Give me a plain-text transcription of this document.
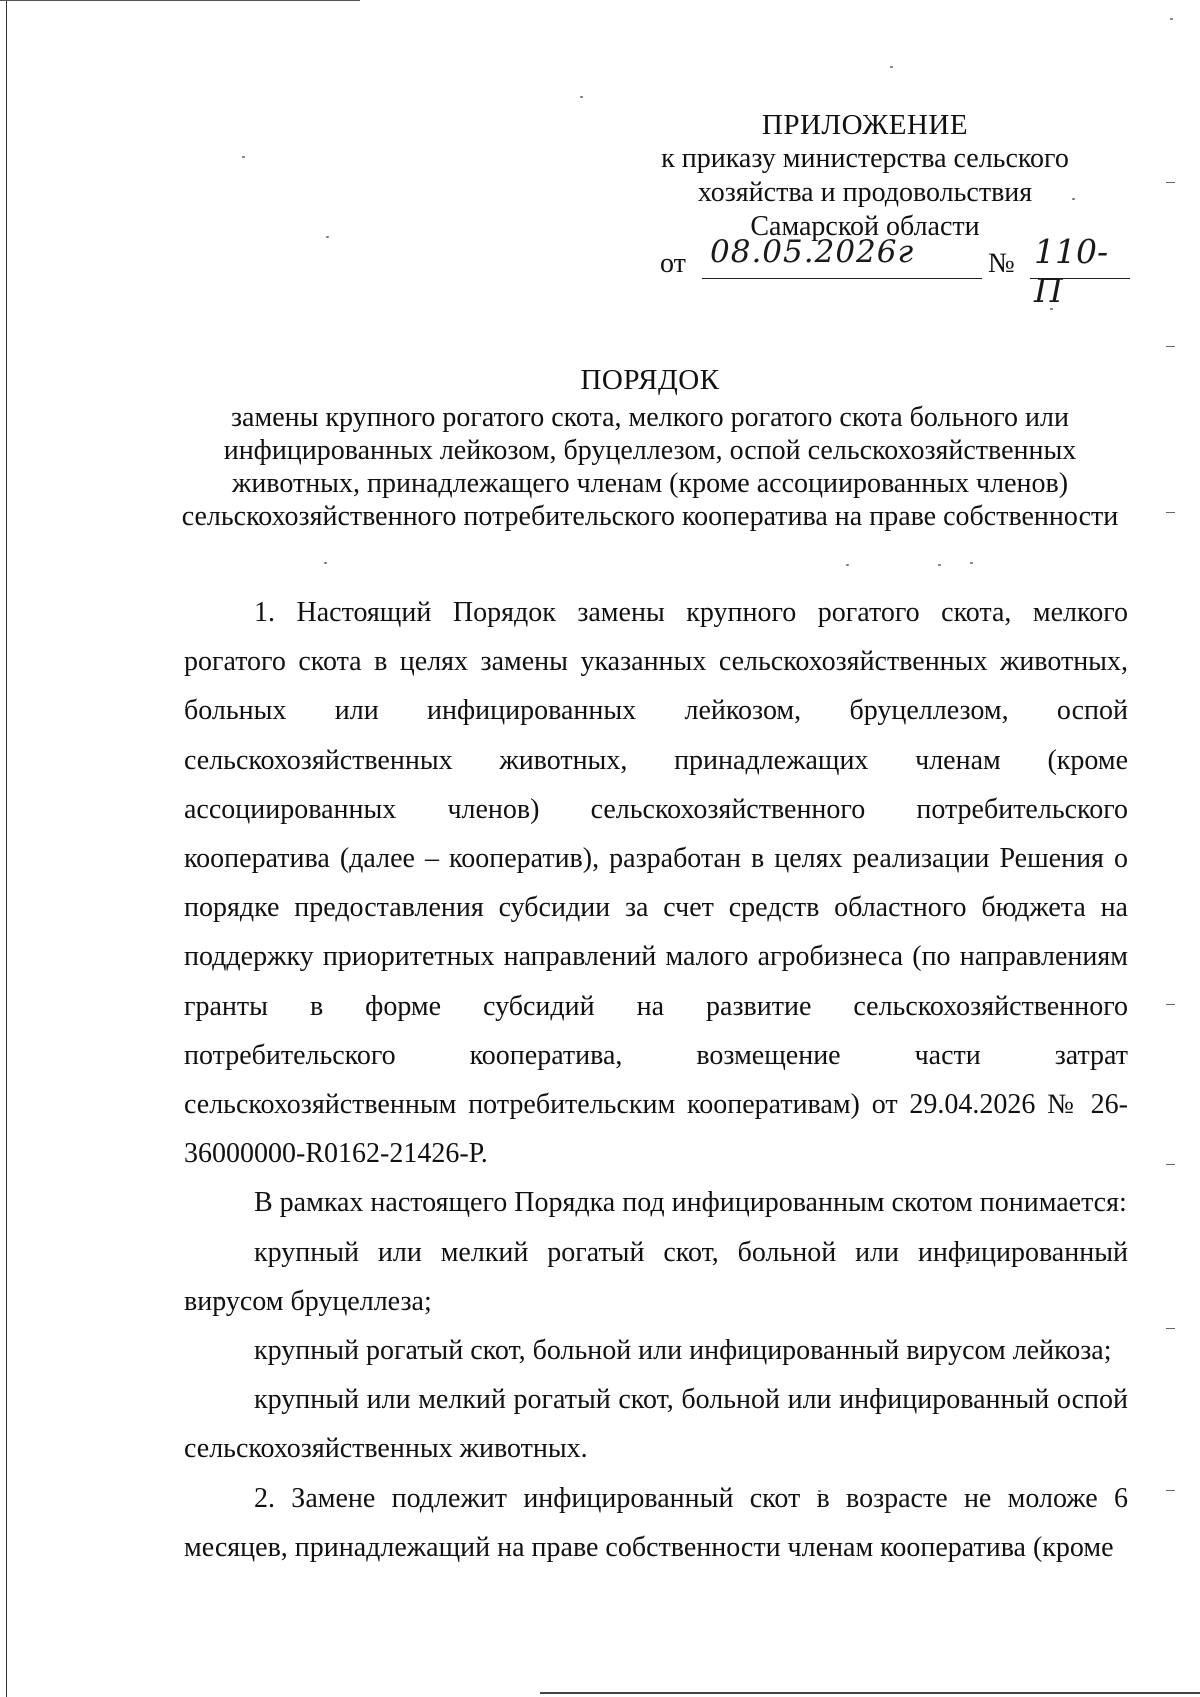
ПРИЛОЖЕНИЕ
к приказу министерства сельского
хозяйства и продовольствия
Самарской области
от 08.05.2026г	№ 110-П
ПОРЯДОК
замены крупного рогатого скота, мелкого рогатого скота больного или инфицированных лейкозом, бруцеллезом, оспой сельскохозяйственных животных, принадлежащего членам (кроме ассоциированных членов) сельскохозяйственного потребительского кооператива на праве собственности

1. Настоящий Порядок замены крупного рогатого скота, мелкого рогатого скота в целях замены указанных сельскохозяйственных животных, больных или инфицированных лейкозом, бруцеллезом, оспой сельскохозяйственных животных, принадлежащих членам (кроме ассоциированных членов) сельскохозяйственного потребительского кооператива (далее – кооператив), разработан в целях реализации Решения о порядке предоставления субсидии за счет средств областного бюджета на поддержку приоритетных направлений малого агробизнеса (по направлениям гранты в форме субсидий на развитие сельскохозяйственного потребительского кооператива, возмещение части затрат сельскохозяйственным потребительским кооперативам) от 29.04.2026 № 26-36000000-R0162-21426-Р.

В рамках настоящего Порядка под инфицированным скотом понимается:

крупный или мелкий рогатый скот, больной или инфицированный вирусом бруцеллеза;

крупный рогатый скот, больной или инфицированный вирусом лейкоза;

крупный или мелкий рогатый скот, больной или инфицированный оспой сельскохозяйственных животных.

2. Замене подлежит инфицированный скот в возрасте не моложе 6 месяцев, принадлежащий на праве собственности членам кооператива (кроме
